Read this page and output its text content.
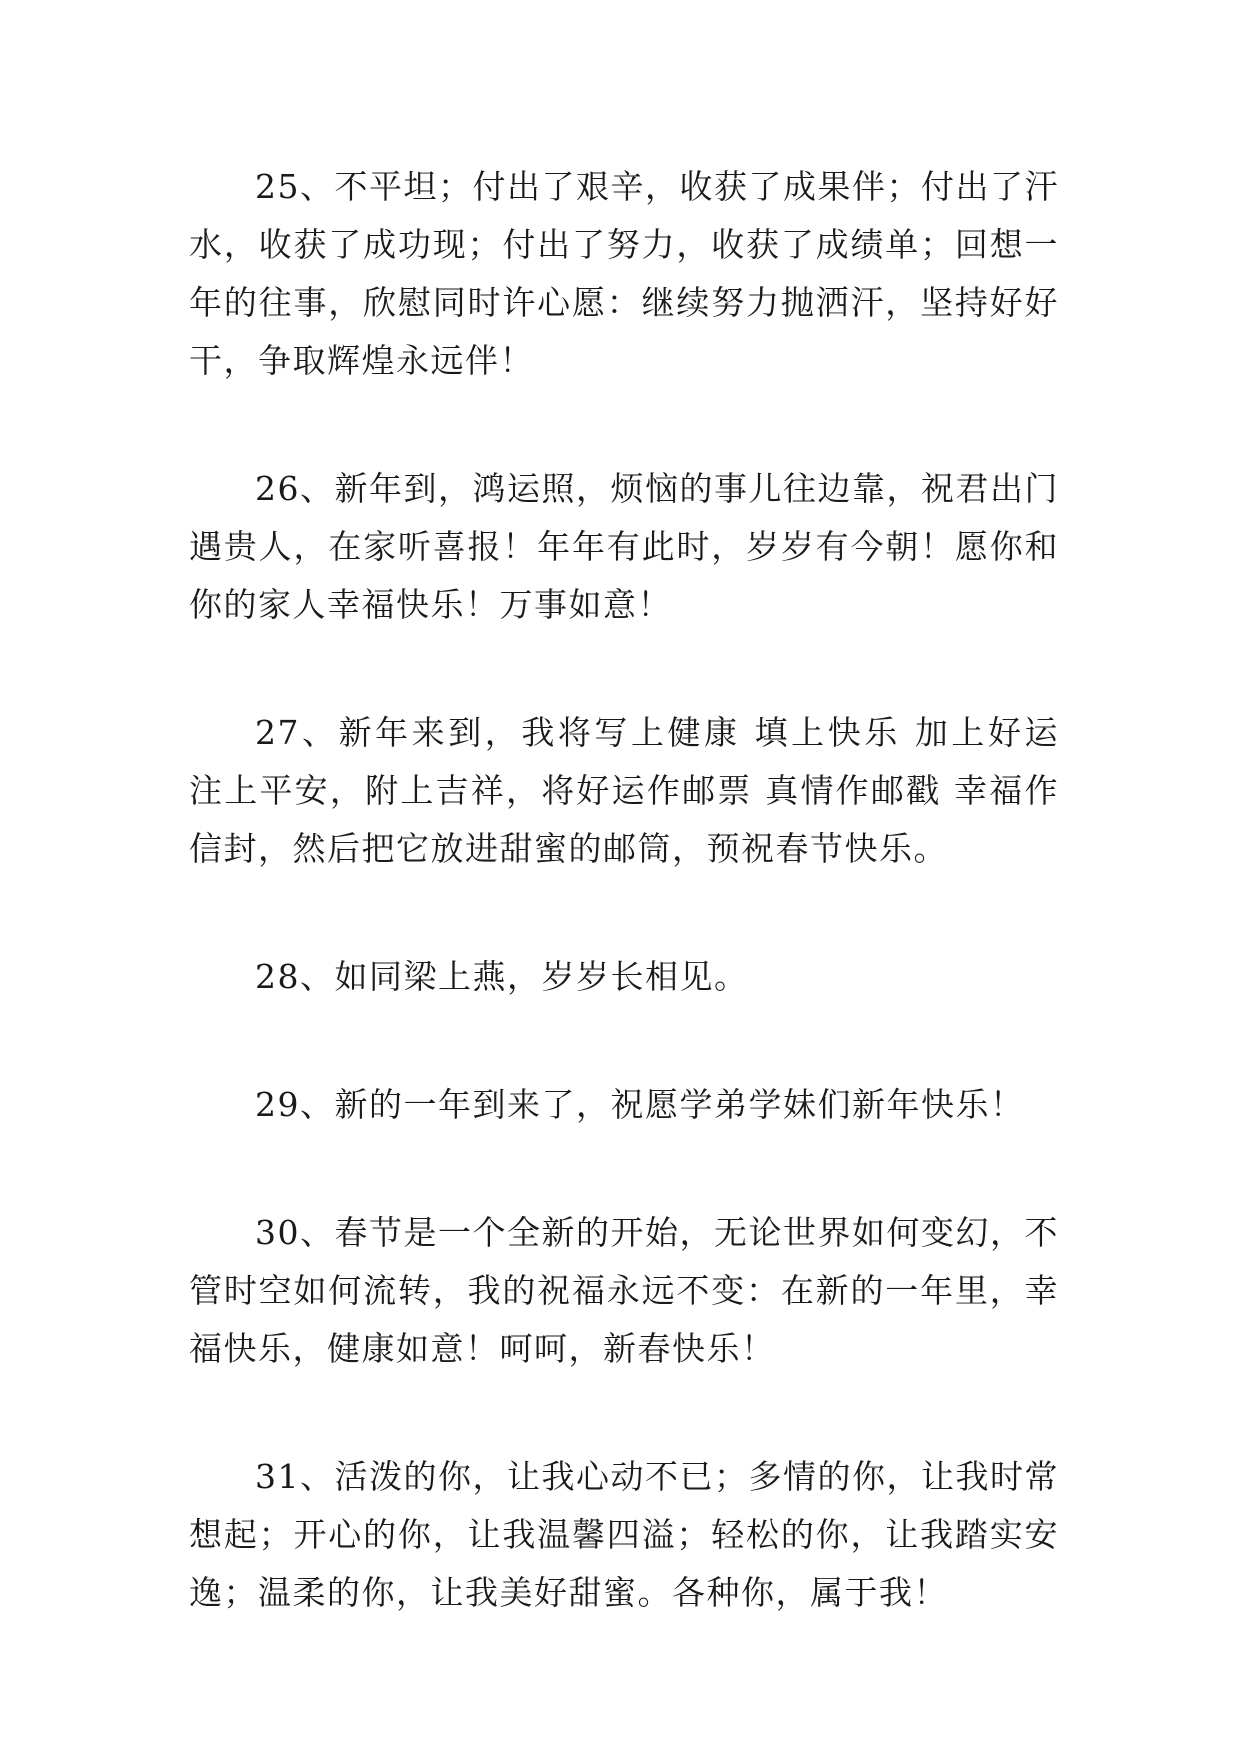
25、不平坦；付出了艰辛，收获了成果伴；付出了汗水，收获了成功现；付出了努力，收获了成绩单；回想一年的往事，欣慰同时许心愿：继续努力抛洒汗，坚持好好干，争取辉煌永远伴！

26、新年到，鸿运照，烦恼的事儿往边靠，祝君出门遇贵人，在家听喜报！年年有此时，岁岁有今朝！愿你和你的家人幸福快乐！万事如意！

27、新年来到，我将写上健康 填上快乐 加上好运 注上平安，附上吉祥，将好运作邮票 真情作邮戳 幸福作信封，然后把它放进甜蜜的邮筒，预祝春节快乐。

28、如同梁上燕，岁岁长相见。

29、新的一年到来了，祝愿学弟学妹们新年快乐！

30、春节是一个全新的开始，无论世界如何变幻，不管时空如何流转，我的祝福永远不变：在新的一年里，幸福快乐，健康如意！呵呵，新春快乐！

31、活泼的你，让我心动不已；多情的你，让我时常想起；开心的你，让我温馨四溢；轻松的你，让我踏实安逸；温柔的你，让我美好甜蜜。各种你，属于我！
